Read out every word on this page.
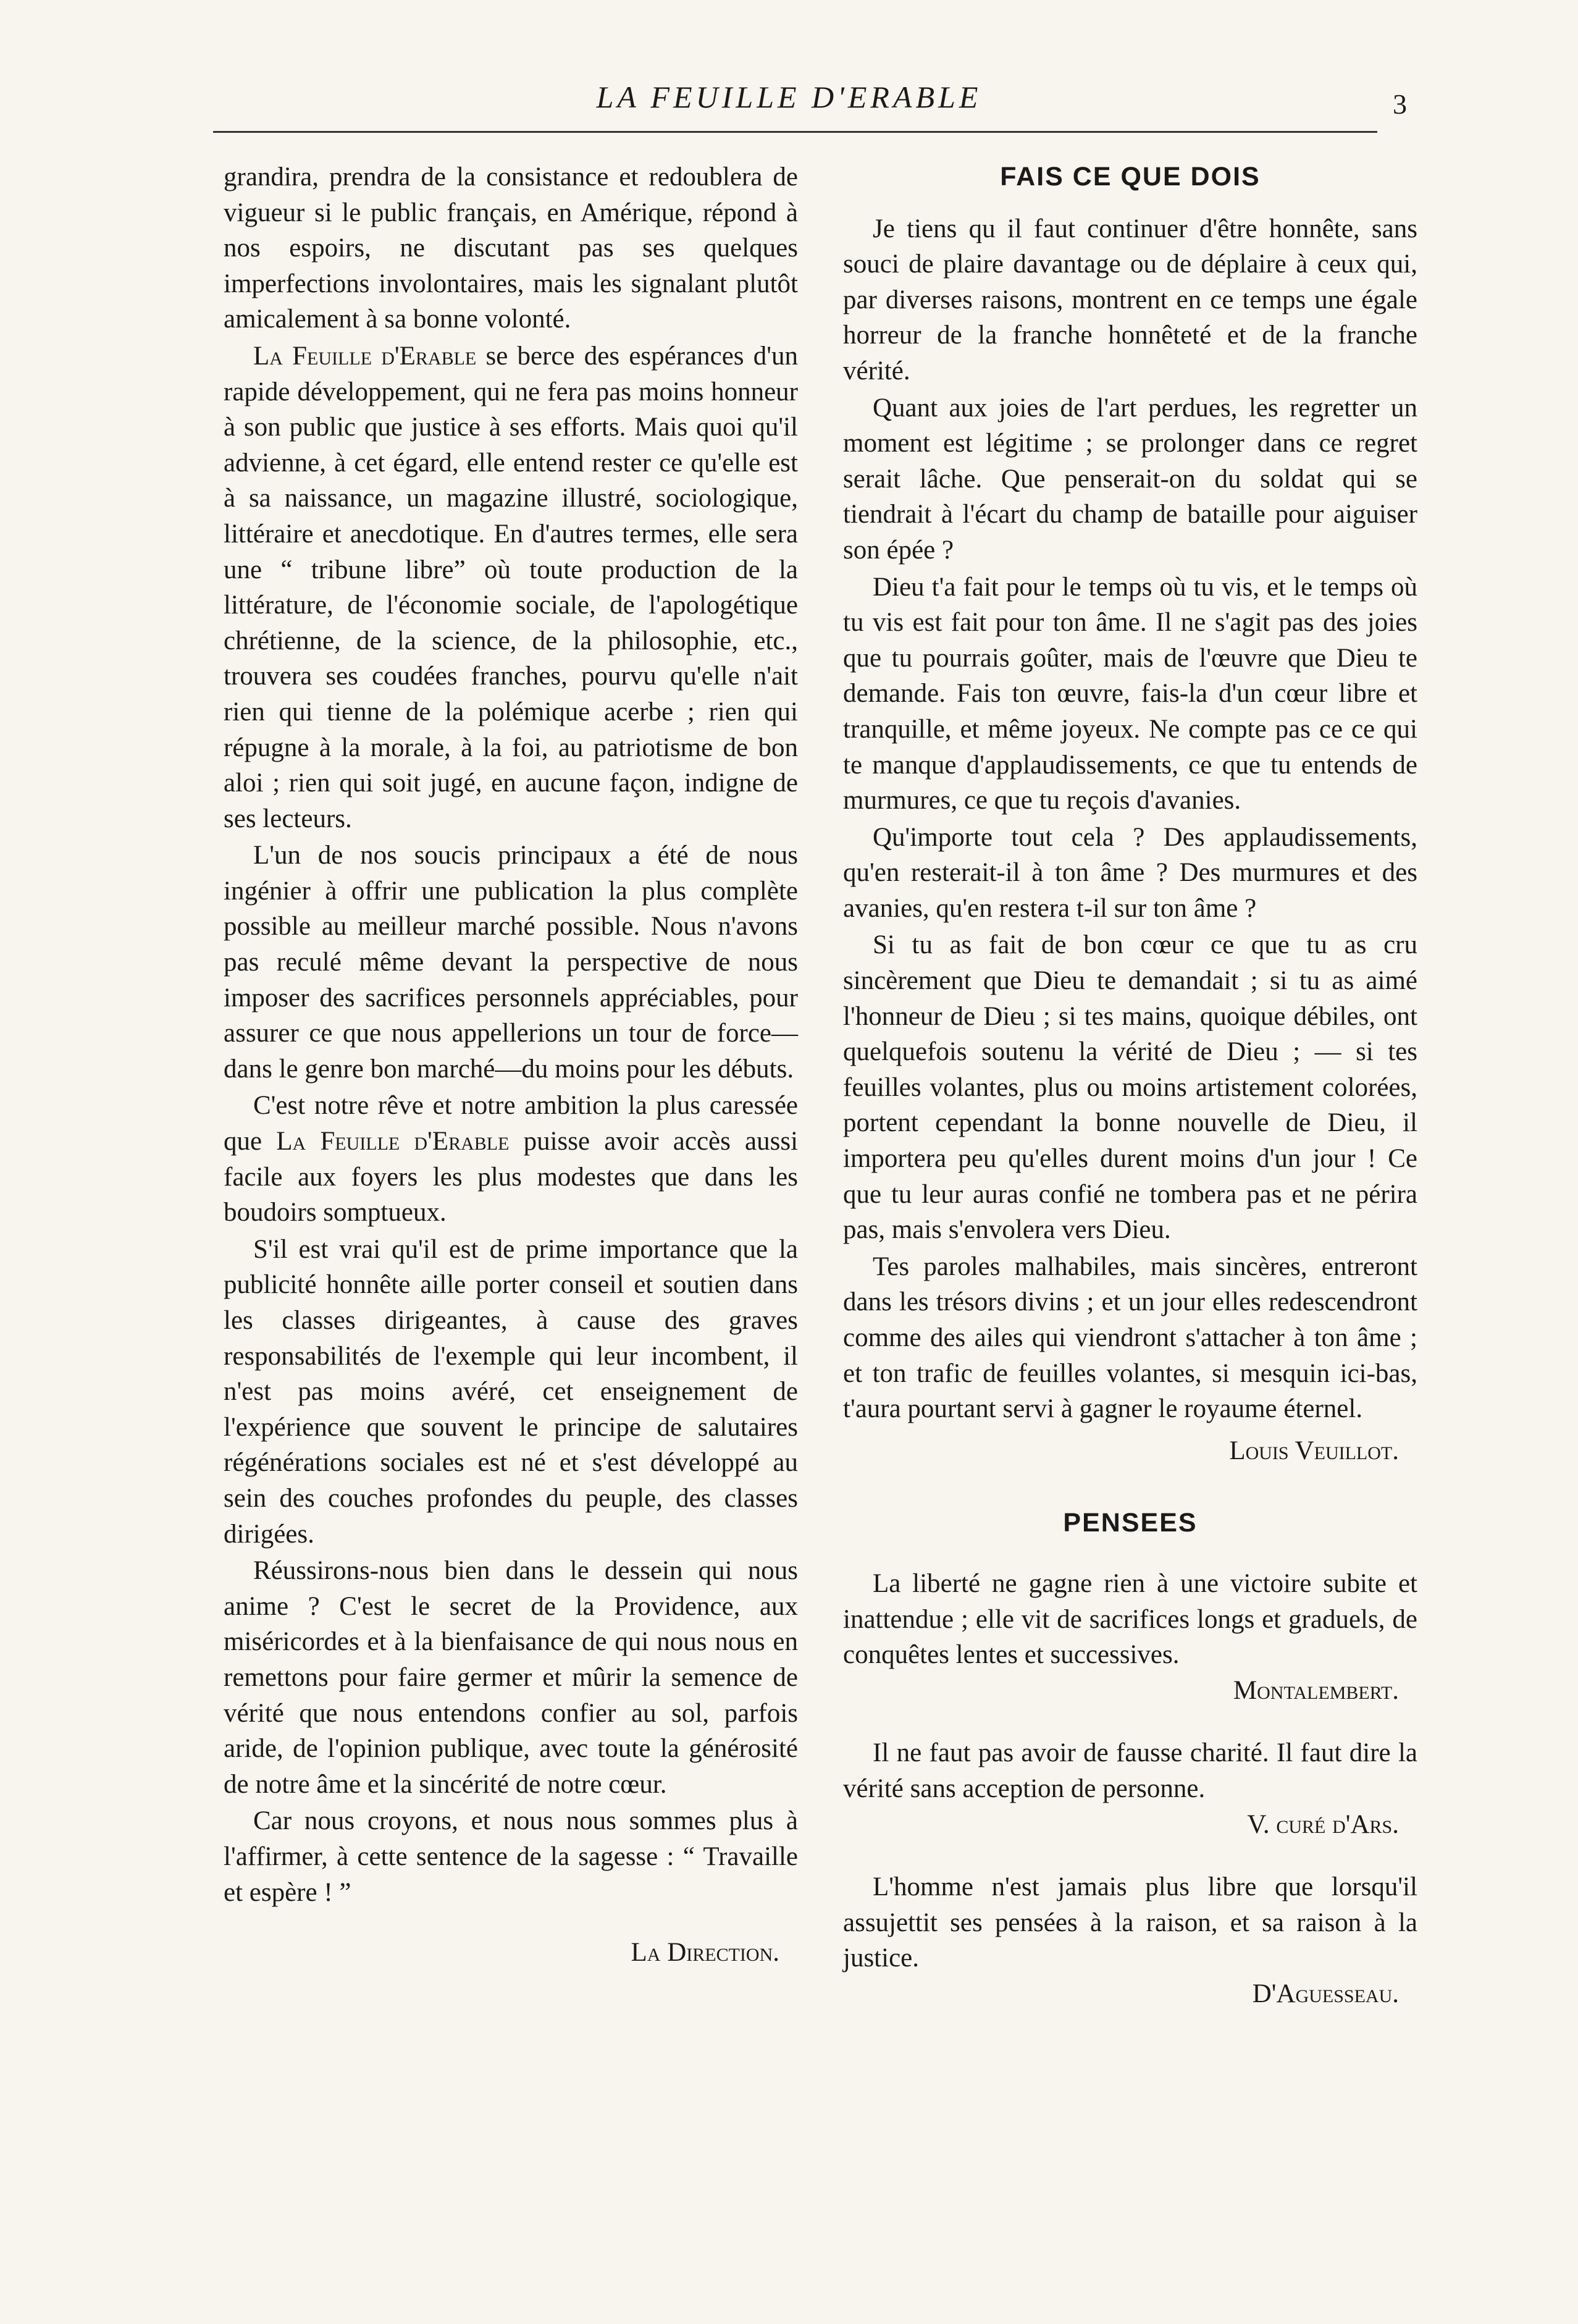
LA FEUILLE D'ERABLE	3

grandira, prendra de la consistance et redoublera de vigueur si le public français, en Amérique, répond à nos espoirs, ne discutant pas ses quelques imperfections involontaires, mais les signalant plutôt amicalement à sa bonne volonté.

La Feuille d'Erable se berce des espérances d'un rapide développement, qui ne fera pas moins honneur à son public que justice à ses efforts. Mais quoi qu'il advienne, à cet égard, elle entend rester ce qu'elle est à sa naissance, un magazine illustré, sociologique, littéraire et anecdotique. En d'autres termes, elle sera une “ tribune libre” où toute production de la littérature, de l'économie sociale, de l'apologétique chrétienne, de la science, de la philosophie, etc., trouvera ses coudées franches, pourvu qu'elle n'ait rien qui tienne de la polémique acerbe ; rien qui répugne à la morale, à la foi, au patriotisme de bon aloi ; rien qui soit jugé, en aucune façon, indigne de ses lecteurs.

L'un de nos soucis principaux a été de nous ingénier à offrir une publication la plus complète possible au meilleur marché possible. Nous n'avons pas reculé même devant la perspective de nous imposer des sacrifices personnels appréciables, pour assurer ce que nous appellerions un tour de force—dans le genre bon marché—du moins pour les débuts.

C'est notre rêve et notre ambition la plus caressée que La Feuille d'Erable puisse avoir accès aussi facile aux foyers les plus modestes que dans les boudoirs somptueux.

S'il est vrai qu'il est de prime importance que la publicité honnête aille porter conseil et soutien dans les classes dirigeantes, à cause des graves responsabilités de l'exemple qui leur incombent, il n'est pas moins avéré, cet enseignement de l'expérience que souvent le principe de salutaires régénérations sociales est né et s'est développé au sein des couches profondes du peuple, des classes dirigées.

Réussirons-nous bien dans le dessein qui nous anime ? C'est le secret de la Providence, aux miséricordes et à la bienfaisance de qui nous nous en remettons pour faire germer et mûrir la semence de vérité que nous entendons confier au sol, parfois aride, de l'opinion publique, avec toute la générosité de notre âme et la sincérité de notre cœur.

Car nous croyons, et nous nous sommes plus à l'affirmer, à cette sentence de la sagesse : “ Travaille et espère ! ”

La Direction.
FAIS CE QUE DOIS

Je tiens qu il faut continuer d'être honnête, sans souci de plaire davantage ou de déplaire à ceux qui, par diverses raisons, montrent en ce temps une égale horreur de la franche honnêteté et de la franche vérité.

Quant aux joies de l'art perdues, les regretter un moment est légitime ; se prolonger dans ce regret serait lâche. Que penserait-on du soldat qui se tiendrait à l'écart du champ de bataille pour aiguiser son épée ?

Dieu t'a fait pour le temps où tu vis, et le temps où tu vis est fait pour ton âme. Il ne s'agit pas des joies que tu pourrais goûter, mais de l'œuvre que Dieu te demande. Fais ton œuvre, fais-la d'un cœur libre et tranquille, et même joyeux. Ne compte pas ce ce qui te manque d'applaudissements, ce que tu entends de murmures, ce que tu reçois d'avanies.

Qu'importe tout cela ? Des applaudissements, qu'en resterait-il à ton âme ? Des murmures et des avanies, qu'en restera t-il sur ton âme ?

Si tu as fait de bon cœur ce que tu as cru sincèrement que Dieu te demandait ; si tu as aimé l'honneur de Dieu ; si tes mains, quoique débiles, ont quelquefois soutenu la vérité de Dieu ; — si tes feuilles volantes, plus ou moins artistement colorées, portent cependant la bonne nouvelle de Dieu, il importera peu qu'elles durent moins d'un jour ! Ce que tu leur auras confié ne tombera pas et ne périra pas, mais s'envolera vers Dieu.

Tes paroles malhabiles, mais sincères, entreront dans les trésors divins ; et un jour elles redescendront comme des ailes qui viendront s'attacher à ton âme ; et ton trafic de feuilles volantes, si mesquin ici-bas, t'aura pourtant servi à gagner le royaume éternel.

Louis Veuillot.
PENSEES

La liberté ne gagne rien à une victoire subite et inattendue ; elle vit de sacrifices longs et graduels, de conquêtes lentes et successives.

Montalembert.

Il ne faut pas avoir de fausse charité. Il faut dire la vérité sans acception de personne.

V. curé d'Ars.

L'homme n'est jamais plus libre que lorsqu'il assujettit ses pensées à la raison, et sa raison à la justice.

D'Aguesseau.
